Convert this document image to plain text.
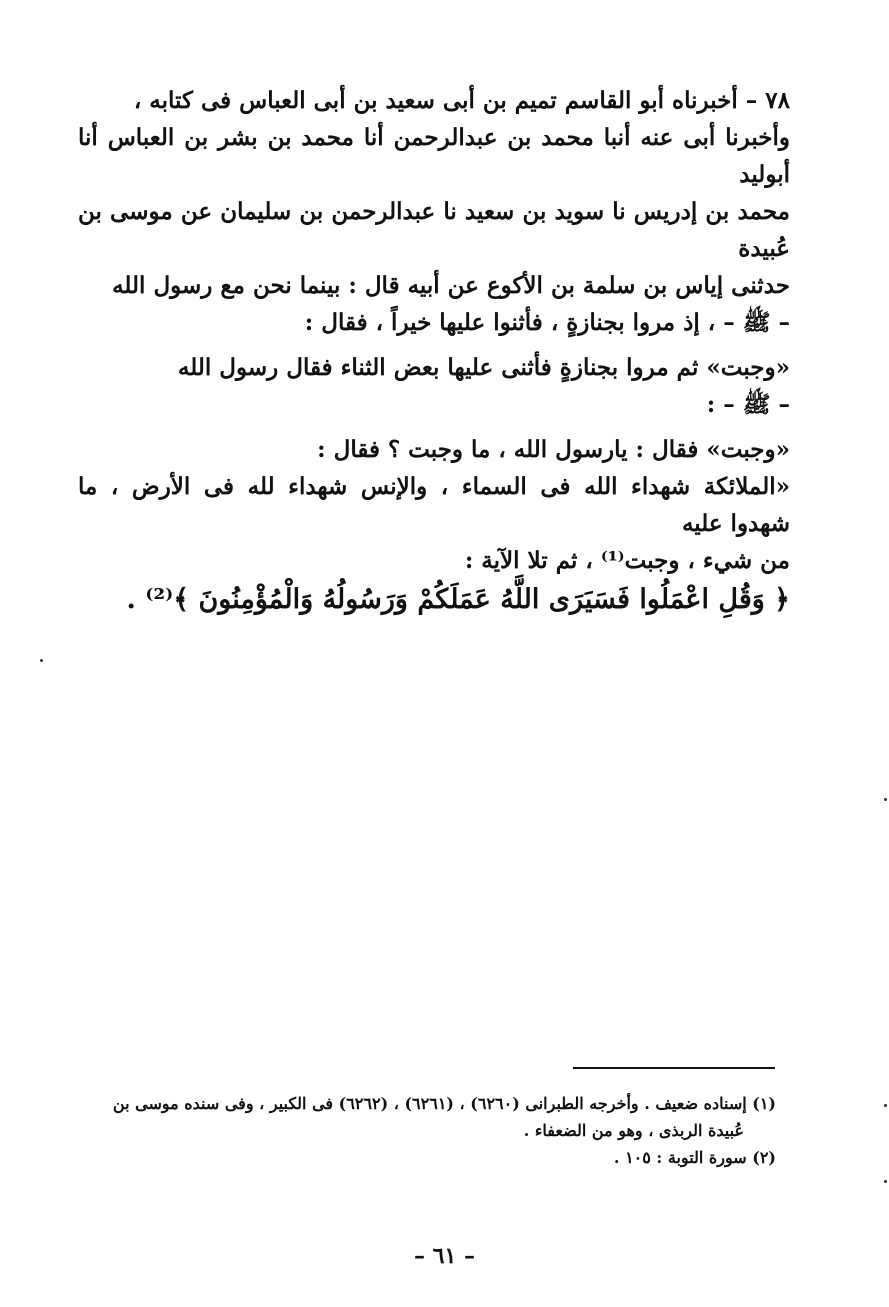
٧٨ – أخبرناه أبو القاسم تميم بن أبى سعيد بن أبى العباس فى كتابه ،

وأخبرنا أبى عنه أنبا محمد بن عبدالرحمن أنا محمد بن بشر بن العباس أنا أبوليد

محمد بن إدريس نا سويد بن سعيد نا عبدالرحمن بن سليمان عن موسى بن عُبيدة

حدثنى إياس بن سلمة بن الأكوع عن أبيه قال : بينما نحن مع رسول الله

– ﷺ – ، إذ مروا بجنازةٍ ، فأثنوا عليها خيراً ، فقال :

«وجبت» ثم مروا بجنازةٍ فأثنى عليها بعض الثناء فقال رسول الله

– ﷺ – :

«وجبت» فقال : يارسول الله ، ما وجبت ؟ فقال :

«الملائكة شهداء الله فى السماء ، والإنس شهداء لله فى الأرض ، ما شهدوا عليه

من شيء ، وجبت⁽¹⁾ ، ثم تلا الآية :

﴿ وَقُلِ اعْمَلُوا فَسَيَرَى اللَّهُ عَمَلَكُمْ وَرَسُولُهُ وَالْمُؤْمِنُونَ ﴾⁽²⁾ .

(١) إسناده ضعيف . وأخرجه الطبرانى (٦٢٦٠) ، (٦٢٦١) ، (٦٢٦٢) فى الكبير ، وفى سنده موسى بن

عُبيدة الربذى ، وهو من الضعفاء .

(٢) سورة التوبة : ١٠٥ .

– ٦١ –
